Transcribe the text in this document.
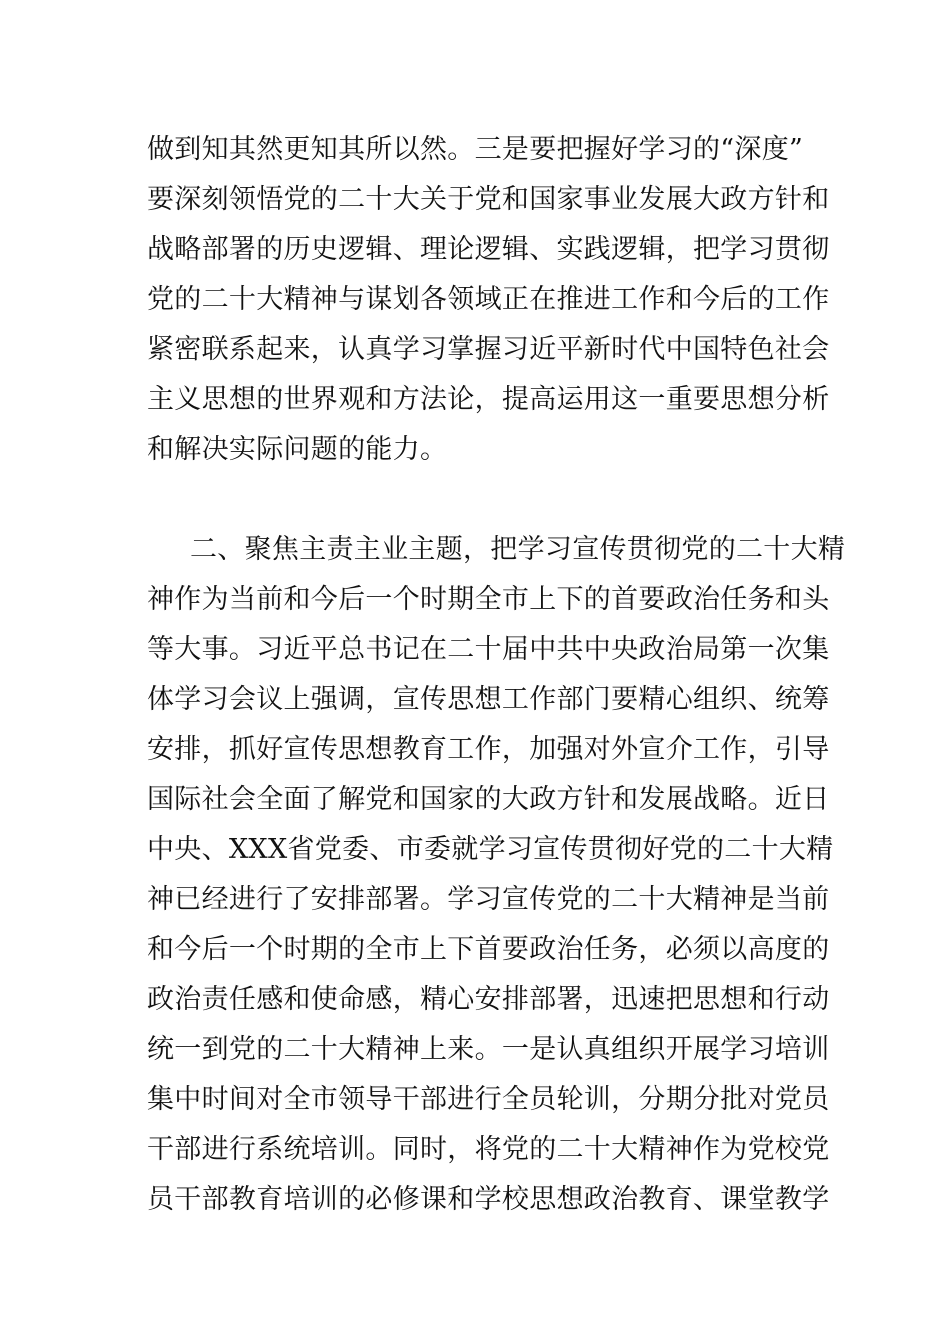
做到知其然更知其所以然。三是要把握好学习的“深度”
要深刻领悟党的二十大关于党和国家事业发展大政方针和
战略部署的历史逻辑、理论逻辑、实践逻辑，把学习贯彻
党的二十大精神与谋划各领域正在推进工作和今后的工作
紧密联系起来，认真学习掌握习近平新时代中国特色社会
主义思想的世界观和方法论，提高运用这一重要思想分析
和解决实际问题的能力。
二、聚焦主责主业主题，把学习宣传贯彻党的二十大精
神作为当前和今后一个时期全市上下的首要政治任务和头
等大事。习近平总书记在二十届中共中央政治局第一次集
体学习会议上强调，宣传思想工作部门要精心组织、统筹
安排，抓好宣传思想教育工作，加强对外宣介工作，引导
国际社会全面了解党和国家的大政方针和发展战略。近日
中央、XXX省党委、市委就学习宣传贯彻好党的二十大精
神已经进行了安排部署。学习宣传党的二十大精神是当前
和今后一个时期的全市上下首要政治任务，必须以高度的
政治责任感和使命感，精心安排部署，迅速把思想和行动
统一到党的二十大精神上来。一是认真组织开展学习培训
集中时间对全市领导干部进行全员轮训，分期分批对党员
干部进行系统培训。同时，将党的二十大精神作为党校党
员干部教育培训的必修课和学校思想政治教育、课堂教学
